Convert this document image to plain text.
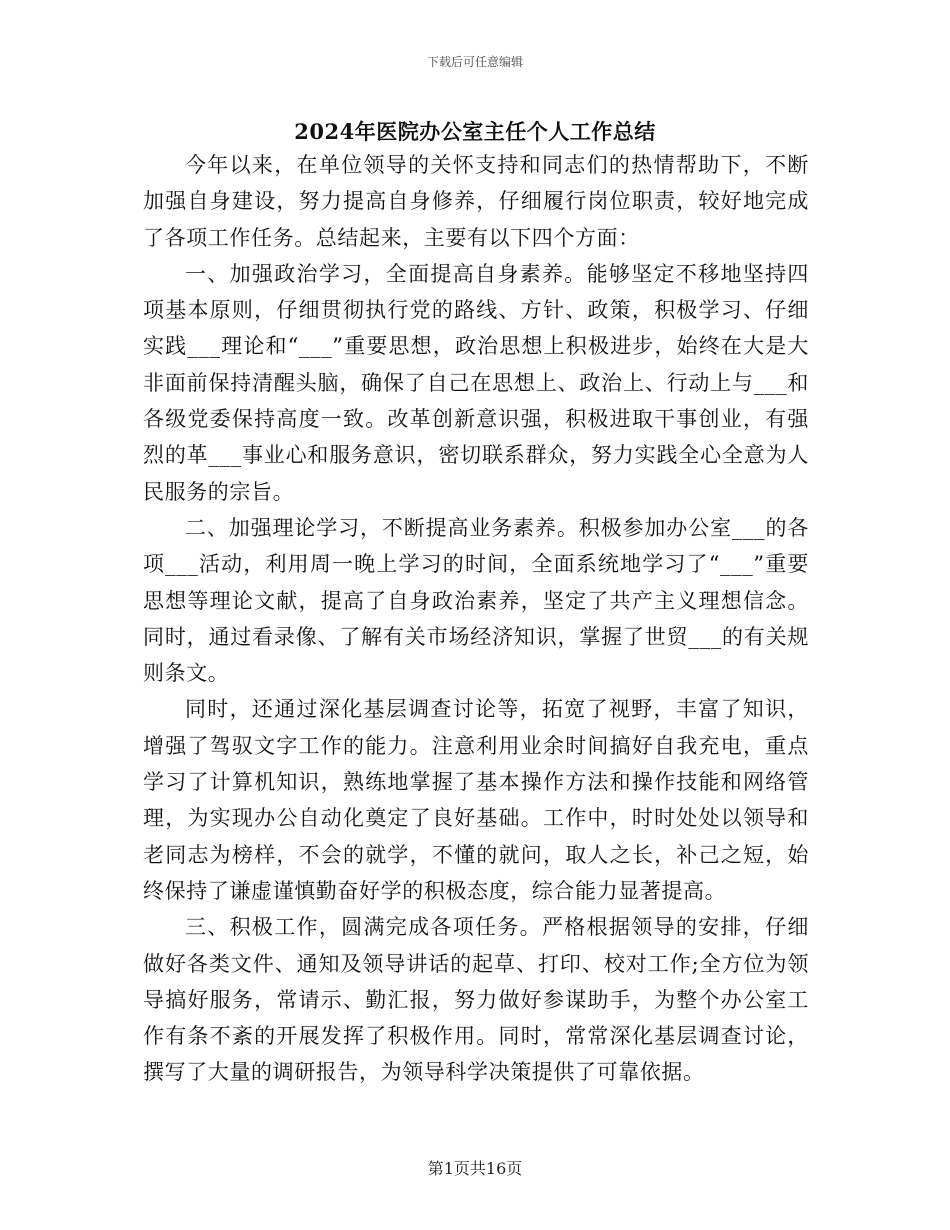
下载后可任意编辑
2024年医院办公室主任个人工作总结

今年以来，在单位领导的关怀支持和同志们的热情帮助下，不断加强自身建设，努力提高自身修养，仔细履行岗位职责，较好地完成了各项工作任务。总结起来，主要有以下四个方面：

一、加强政治学习，全面提高自身素养。能够坚定不移地坚持四项基本原则，仔细贯彻执行党的路线、方针、政策，积极学习、仔细实践___理论和“___”重要思想，政治思想上积极进步，始终在大是大非面前保持清醒头脑，确保了自己在思想上、政治上、行动上与___和各级党委保持高度一致。改革创新意识强，积极进取干事创业，有强烈的革___事业心和服务意识，密切联系群众，努力实践全心全意为人民服务的宗旨。

二、加强理论学习，不断提高业务素养。积极参加办公室___的各项___活动，利用周一晚上学习的时间，全面系统地学习了“___”重要思想等理论文献，提高了自身政治素养，坚定了共产主义理想信念。同时，通过看录像、了解有关市场经济知识，掌握了世贸___的有关规则条文。

同时，还通过深化基层调查讨论等，拓宽了视野，丰富了知识，增强了驾驭文字工作的能力。注意利用业余时间搞好自我充电，重点学习了计算机知识，熟练地掌握了基本操作方法和操作技能和网络管理，为实现办公自动化奠定了良好基础。工作中，时时处处以领导和老同志为榜样，不会的就学，不懂的就问，取人之长，补己之短，始终保持了谦虚谨慎勤奋好学的积极态度，综合能力显著提高。

三、积极工作，圆满完成各项任务。严格根据领导的安排，仔细做好各类文件、通知及领导讲话的起草、打印、校对工作;全方位为领导搞好服务，常请示、勤汇报，努力做好参谋助手，为整个办公室工作有条不紊的开展发挥了积极作用。同时，常常深化基层调查讨论，撰写了大量的调研报告，为领导科学决策提供了可靠依据。

第1页共16页
